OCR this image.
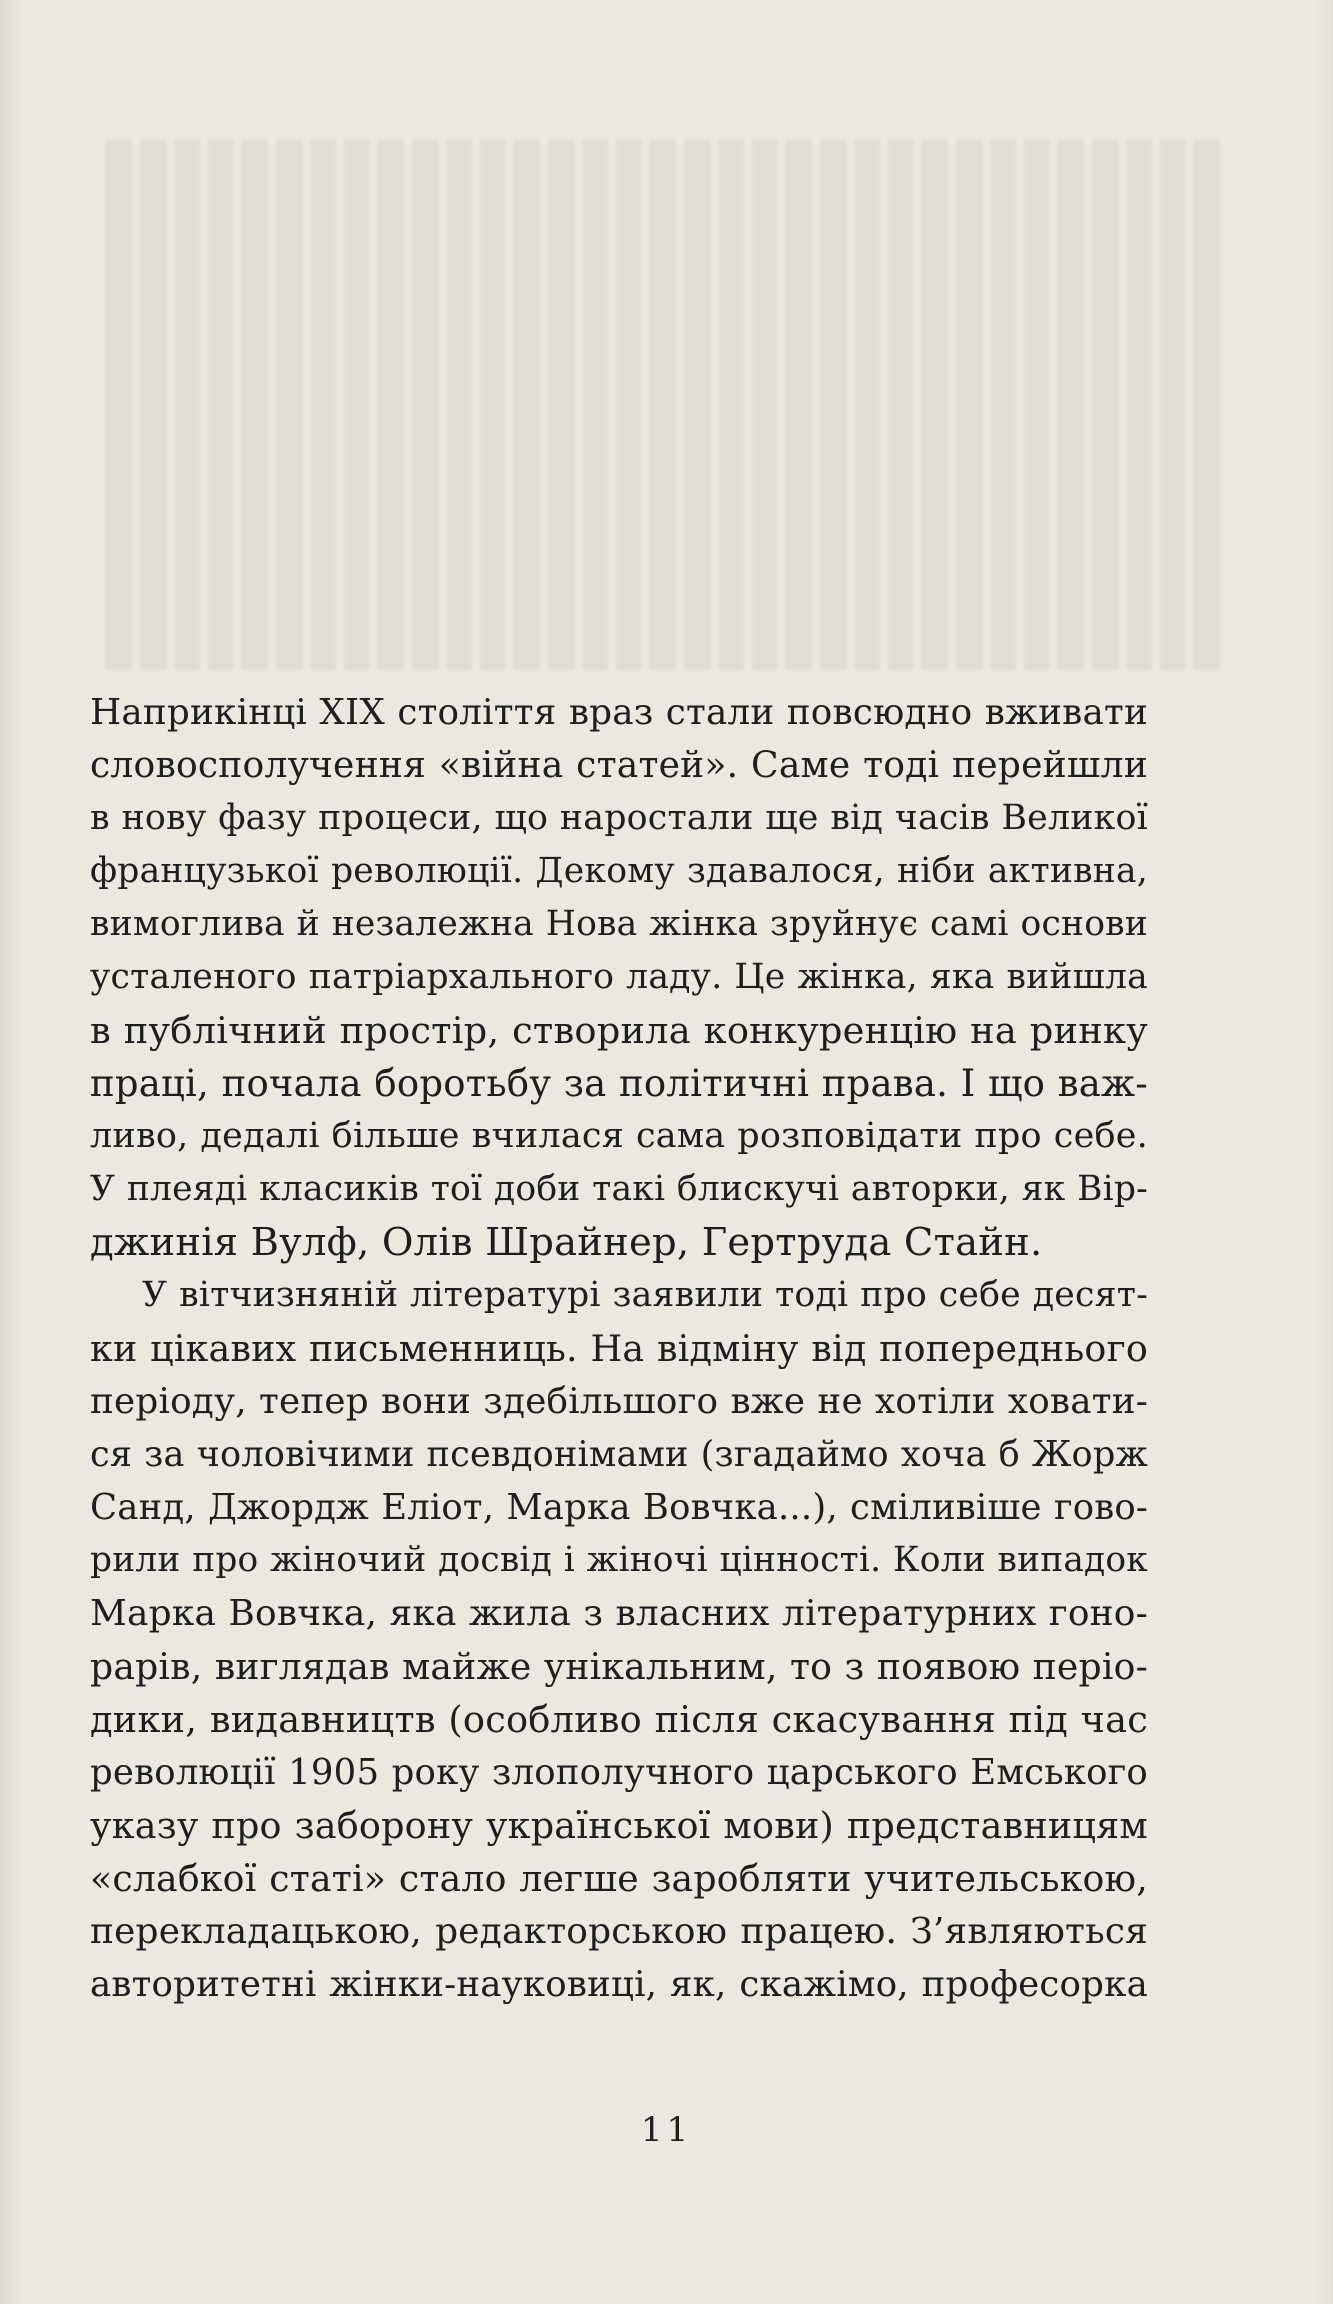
Наприкінці XIX століття враз стали повсюдно вживати
словосполучення «війна статей». Саме тоді перейшли
в нову фазу процеси, що наростали ще від часів Великої
французької революції. Декому здавалося, ніби активна,
вимоглива й незалежна Нова жінка зруйнує самі основи
усталеного патріархального ладу. Це жінка, яка вийшла
в публічний простір, створила конкуренцію на ринку
праці, почала боротьбу за політичні права. І що важ-
ливо, дедалі більше вчилася сама розповідати про себе.
У плеяді класиків тої доби такі блискучі авторки, як Вір-
джинія Вулф, Олів Шрайнер, Гертруда Стайн.
У вітчизняній літературі заявили тоді про себе десят-
ки цікавих письменниць. На відміну від попереднього
періоду, тепер вони здебільшого вже не хотіли ховати-
ся за чоловічими псевдонімами (згадаймо хоча б Жорж
Санд, Джордж Еліот, Марка Вовчка...), сміливіше гово-
рили про жіночий досвід і жіночі цінності. Коли випадок
Марка Вовчка, яка жила з власних літературних гоно-
рарів, виглядав майже унікальним, то з появою періо-
дики, видавництв (особливо після скасування під час
революції 1905 року злополучного царського Емського
указу про заборону української мови) представницям
«слабкої статі» стало легше заробляти учительською,
перекладацькою, редакторською працею. З’являються
авторитетні жінки-науковиці, як, скажімо, професорка
11
